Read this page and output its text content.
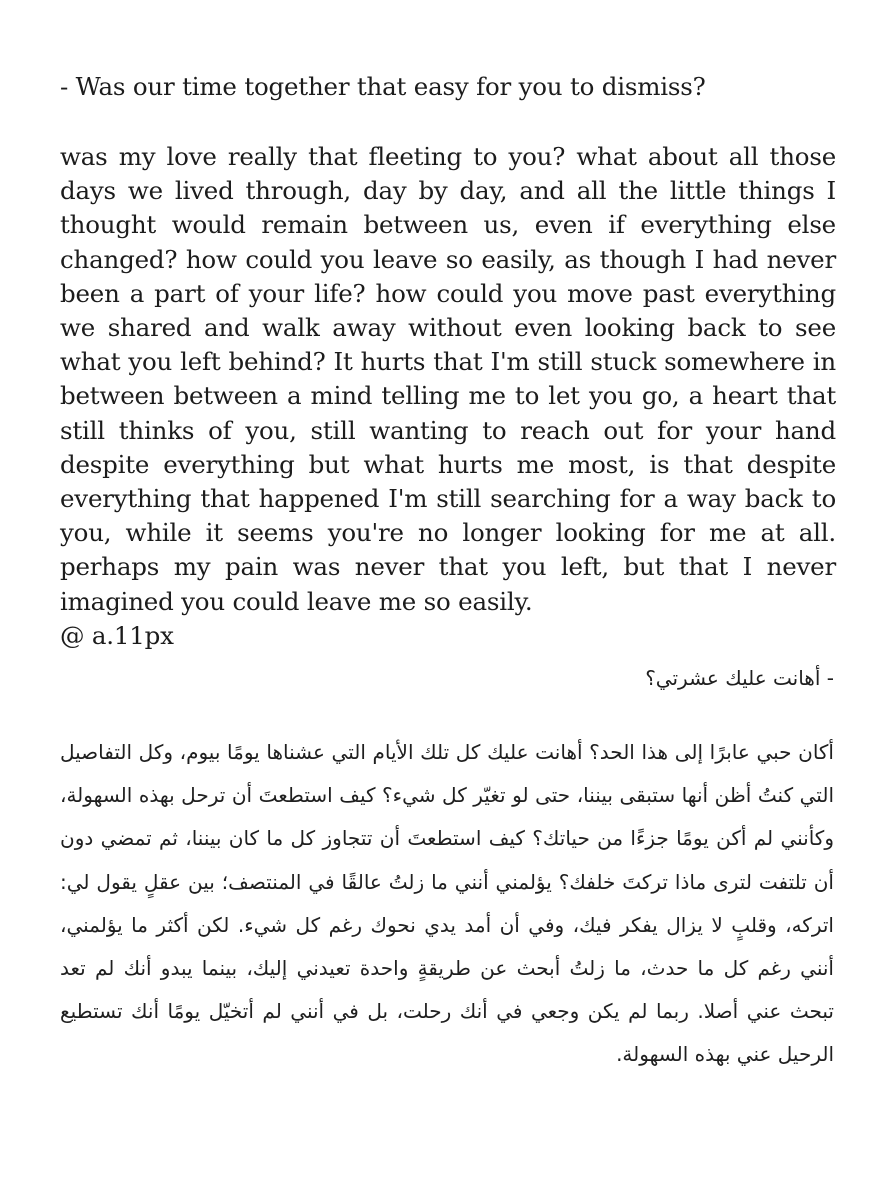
- Was our time together that easy for you to dismiss?
was my love really that fleeting to you? what about all those days we lived through, day by day, and all the little things I thought would remain between us, even if everything else changed? how could you leave so easily, as though I had never been a part of your life? how could you move past everything we shared and walk away without even looking back to see what you left behind? It hurts that I'm still stuck somewhere in between between a mind telling me to let you go, a heart that still thinks of you, still wanting to reach out for your hand despite everything but what hurts me most, is that despite everything that happened I'm still searching for a way back to you, while it seems you're no longer looking for me at all. perhaps my pain was never that you left, but that I never imagined you could leave me so easily.
@ a.11px
- أهانت عليك عشرتي؟
أكان حبي عابرًا إلى هذا الحد؟ أهانت عليك كل تلك الأيام التي عشناها يومًا بيوم، وكل التفاصيل التي كنتُ أظن أنها ستبقى بيننا، حتى لو تغيّر كل شيء؟ كيف استطعتَ أن ترحل بهذه السهولة، وكأنني لم أكن يومًا جزءًا من حياتك؟ كيف استطعتَ أن تتجاوز كل ما كان بيننا، ثم تمضي دون أن تلتفت لترى ماذا تركتَ خلفك؟ يؤلمني أنني ما زلتُ عالقًا في المنتصف؛ بين عقلٍ يقول لي: اتركه، وقلبٍ لا يزال يفكر فيك، وفي أن أمد يدي نحوك رغم كل شيء. لكن أكثر ما يؤلمني، أنني رغم كل ما حدث، ما زلتُ أبحث عن طريقةٍ واحدة تعيدني إليك، بينما يبدو أنك لم تعد تبحث عني أصلا. ربما لم يكن وجعي في أنك رحلت، بل في أنني لم أتخيّل يومًا أنك تستطيع الرحيل عني بهذه السهولة.
